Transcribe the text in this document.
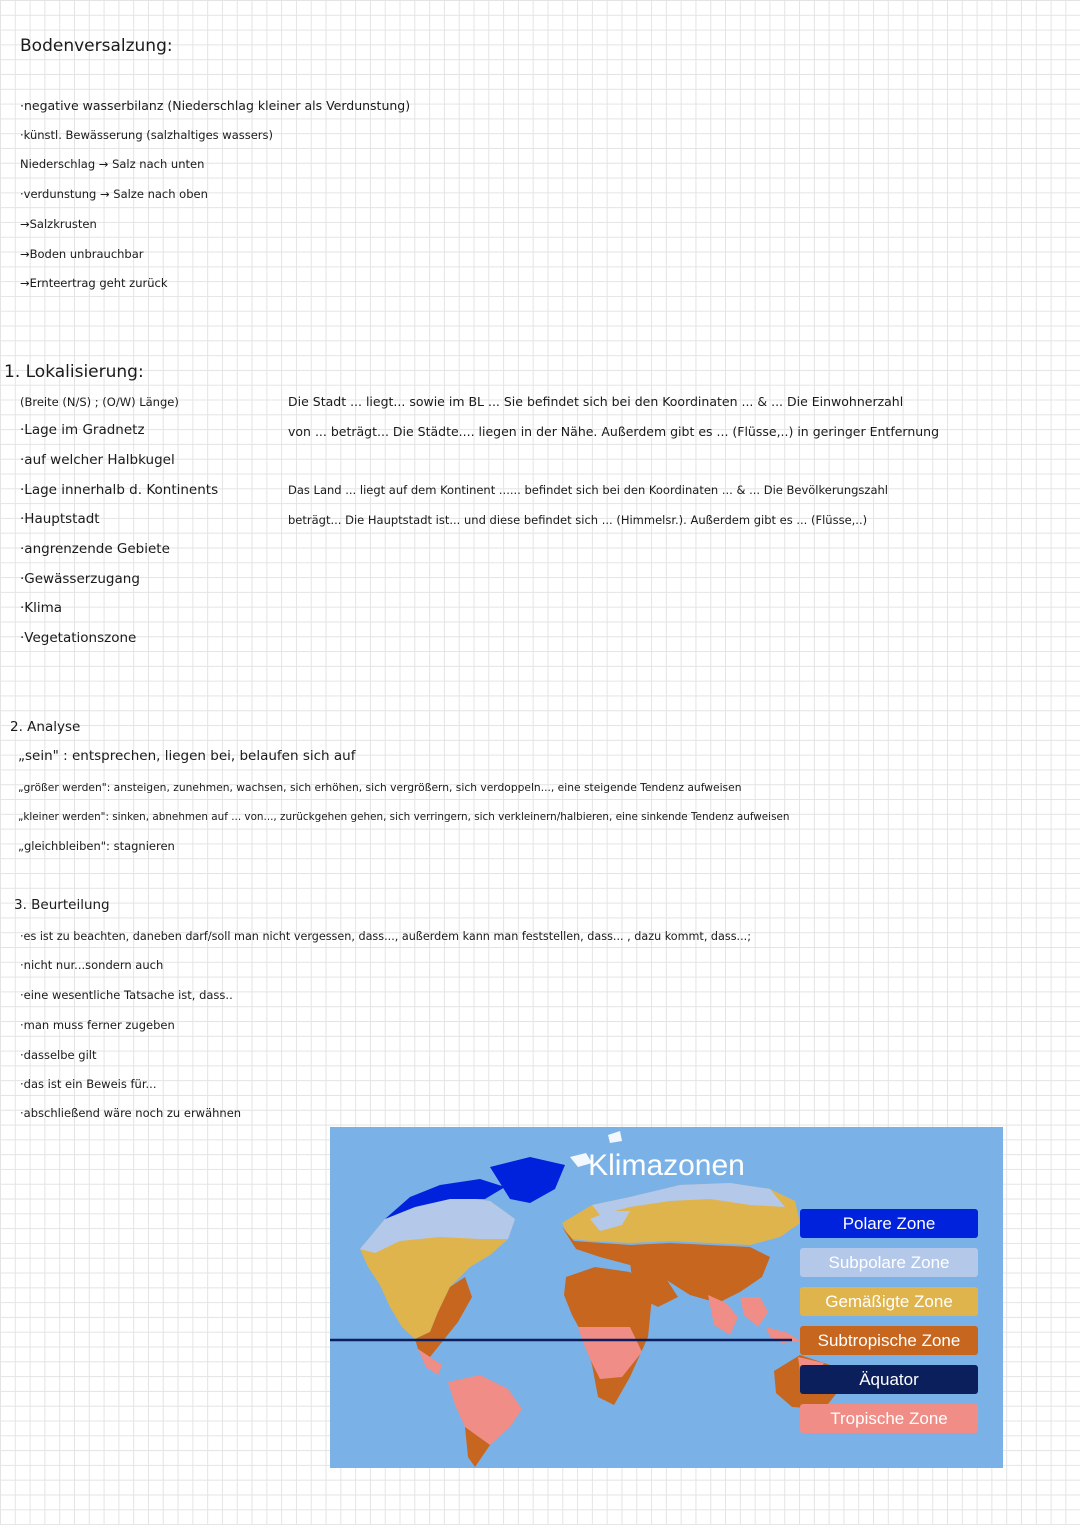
Bodenversalzung:
·negative wasserbilanz (Niederschlag kleiner als Verdunstung)
·künstl. Bewässerung (salzhaltiges wassers)
Niederschlag → Salz nach unten
·verdunstung → Salze nach oben
→Salzkrusten
→Boden unbrauchbar
→Ernteertrag geht zurück
1. Lokalisierung:
(Breite (N/S) ; (O/W) Länge)
·Lage im Gradnetz
·auf welcher Halbkugel
·Lage innerhalb d. Kontinents
·Hauptstadt
·angrenzende Gebiete
·Gewässerzugang
·Klima
·Vegetationszone
Die Stadt ... liegt... sowie im BL ... Sie befindet sich bei den Koordinaten ... & ... Die Einwohnerzahl
von ... beträgt... Die Städte.... liegen in der Nähe. Außerdem gibt es ... (Flüsse,..) in geringer Entfernung
Das Land ... liegt auf dem Kontinent ...... befindet sich bei den Koordinaten ... & ... Die Bevölkerungszahl
beträgt... Die Hauptstadt ist... und diese befindet sich ... (Himmelsr.). Außerdem gibt es ... (Flüsse,..)
2. Analyse
„sein" : entsprechen, liegen bei, belaufen sich auf
„größer werden": ansteigen, zunehmen, wachsen, sich erhöhen, sich vergrößern, sich verdoppeln..., eine steigende Tendenz aufweisen
„kleiner werden": sinken, abnehmen auf ... von..., zurückgehen gehen, sich verringern, sich verkleinern/halbieren, eine sinkende Tendenz aufweisen
„gleichbleiben": stagnieren
3. Beurteilung
·es ist zu beachten, daneben darf/soll man nicht vergessen, dass..., außerdem kann man feststellen, dass... , dazu kommt, dass...;
·nicht nur...sondern auch
·eine wesentliche Tatsache ist, dass..
·man muss ferner zugeben
·dasselbe gilt
·das ist ein Beweis für...
·abschließend wäre noch zu erwähnen
Klimazonen
Polare Zone
Subpolare Zone
Gemäßigte Zone
Subtropische Zone
Äquator
Tropische Zone
